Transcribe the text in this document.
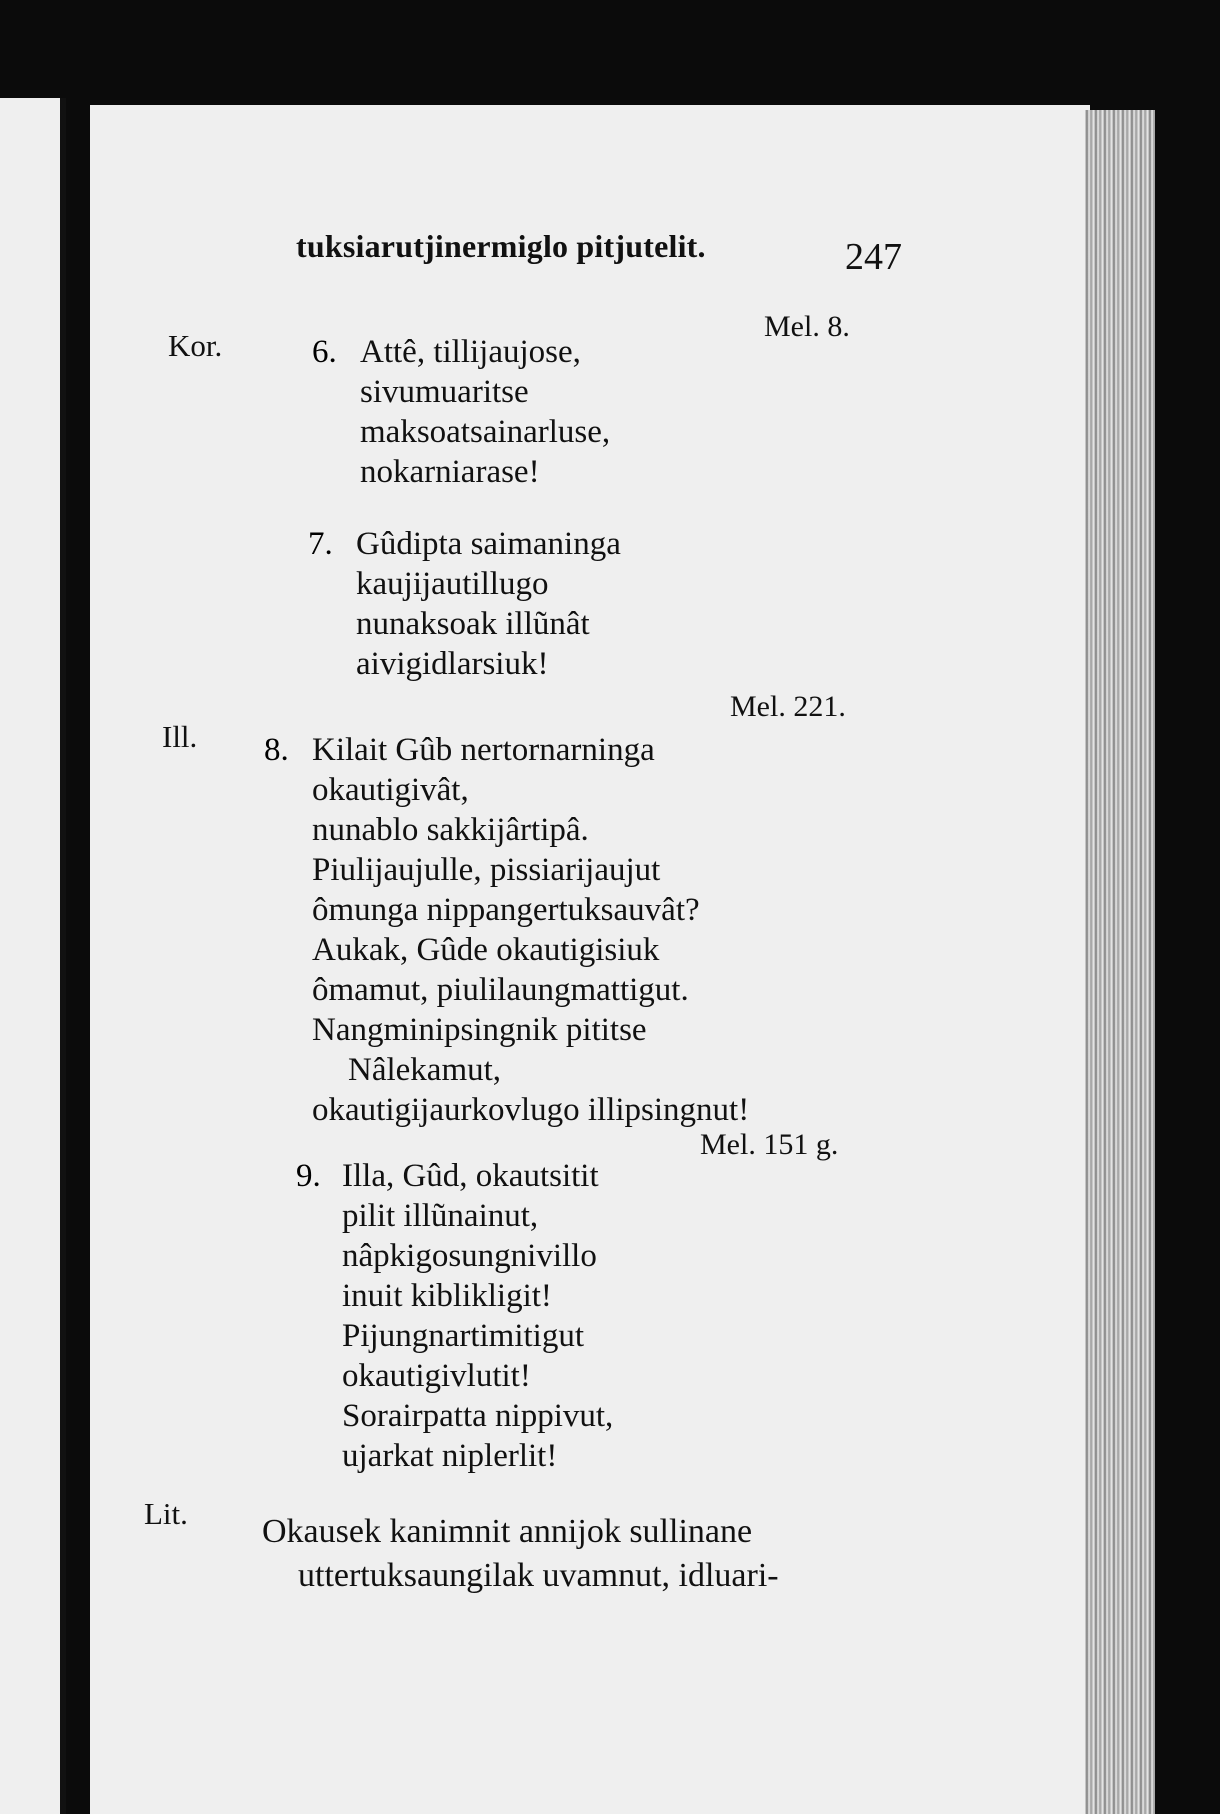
tuksiarutjinermiglo pitjutelit.	247
Kor.
Mel. 8.
6. Attê, tillijaujose,
sivumuaritse
maksoatsainarluse,
nokarniarase!
7. Gûdipta saimaninga
kaujijautillugo
nunaksoak illũnât
aivigidlarsiuk!
Mel. 221.
Ill. 8. Kilait Gûb nertornarninga
okautigivât,
nunablo sakkijârtipâ.
Piulijaujulle, pissiarijaujut
ômunga nippangertuksauvât?
Aukak, Gûde okautigisiuk
ômamut, piulilaungmattigut.
Nangminipsingnik pititse
Nâlekamut,
okautigijaurkovlugo illipsingnut!
Mel. 151 g.
9. Illa, Gûd, okautsitit
pilit illũnainut,
nâpkigosungnivillo
inuit kiblikligit!
Pijungnartimitigut
okautigivlutit!
Sorairpatta nippivut,
ujarkat niplerlit!
Lit. Okausek kanimnit annijok sullinane
uttertuksaungilak uvamnut, idluari-
